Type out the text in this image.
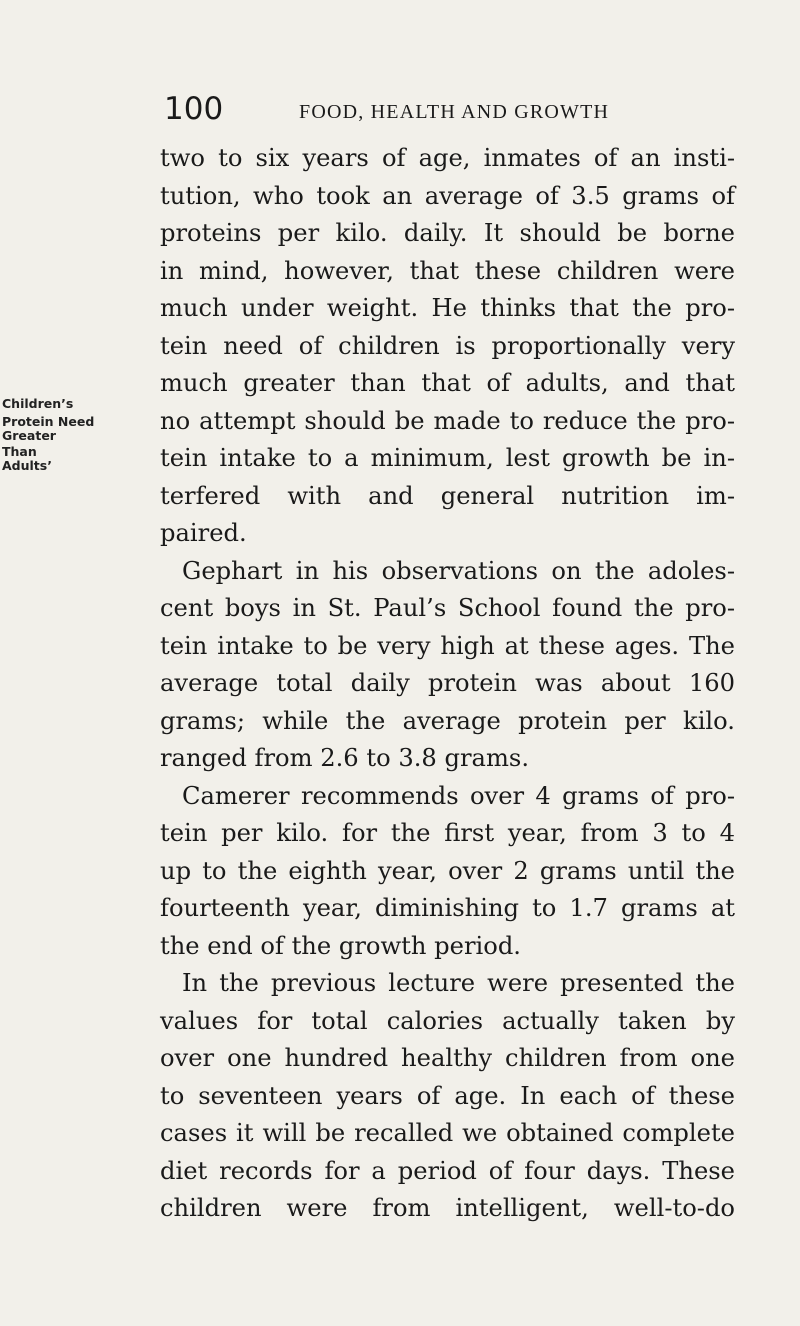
100	FOOD, HEALTH AND GROWTH
Children’s
Protein Need
Greater
Than
Adults’
two to six years of age, inmates of an insti-
tution, who took an average of 3.5 grams of
proteins per kilo. daily. It should be borne
in mind, however, that these children were
much under weight. He thinks that the pro-
tein need of children is proportionally very
much greater than that of adults, and that
no attempt should be made to reduce the pro-
tein intake to a minimum, lest growth be in-
terfered with and general nutrition im-
paired.
Gephart in his observations on the adoles-
cent boys in St. Paul’s School found the pro-
tein intake to be very high at these ages. The
average total daily protein was about 160
grams; while the average protein per kilo.
ranged from 2.6 to 3.8 grams.
Camerer recommends over 4 grams of pro-
tein per kilo. for the first year, from 3 to 4
up to the eighth year, over 2 grams until the
fourteenth year, diminishing to 1.7 grams at
the end of the growth period.
In the previous lecture were presented the
values for total calories actually taken by
over one hundred healthy children from one
to seventeen years of age. In each of these
cases it will be recalled we obtained complete
diet records for a period of four days. These
children were from intelligent, well-to-do
